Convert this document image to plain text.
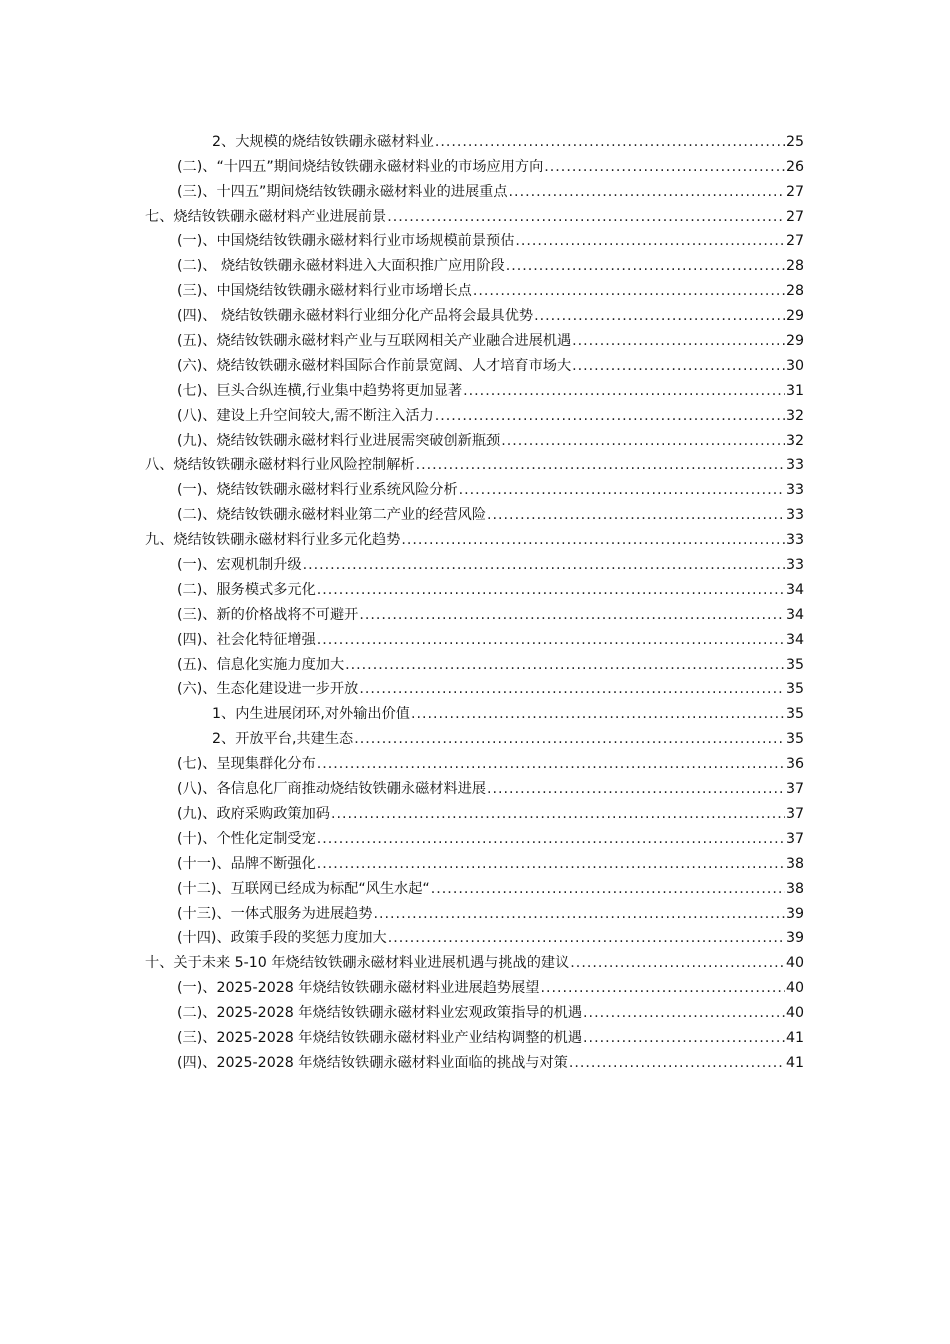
2、大规模的烧结钕铁硼永磁材料业 .....	25
(二)、“十四五”期间烧结钕铁硼永磁材料业的市场应用方向 .....	26
(三)、十四五”期间烧结钕铁硼永磁材料业的进展重点 .....	27
七、烧结钕铁硼永磁材料产业进展前景 .....	27
(一)、中国烧结钕铁硼永磁材料行业市场规模前景预估 .....	27
(二)、 烧结钕铁硼永磁材料进入大面积推广应用阶段 .....	28
(三)、中国烧结钕铁硼永磁材料行业市场增长点 .....	28
(四)、 烧结钕铁硼永磁材料行业细分化产品将会最具优势 .....	29
(五)、烧结钕铁硼永磁材料产业与互联网相关产业融合进展机遇 .....	29
(六)、烧结钕铁硼永磁材料国际合作前景宽阔、人才培育市场大 .....	30
(七)、巨头合纵连横,行业集中趋势将更加显著 .....	31
(八)、建设上升空间较大,需不断注入活力 .....	32
(九)、烧结钕铁硼永磁材料行业进展需突破创新瓶颈 .....	32
八、烧结钕铁硼永磁材料行业风险控制解析 .....	33
(一)、烧结钕铁硼永磁材料行业系统风险分析 .....	33
(二)、烧结钕铁硼永磁材料业第二产业的经营风险 .....	33
九、烧结钕铁硼永磁材料行业多元化趋势 .....	33
(一)、宏观机制升级 .....	33
(二)、服务模式多元化 .....	34
(三)、新的价格战将不可避开 .....	34
(四)、社会化特征增强 .....	34
(五)、信息化实施力度加大 .....	35
(六)、生态化建设进一步开放 .....	35
1、内生进展闭环,对外输出价值 .....	35
2、开放平台,共建生态 .....	35
(七)、呈现集群化分布 .....	36
(八)、各信息化厂商推动烧结钕铁硼永磁材料进展 .....	37
(九)、政府采购政策加码 .....	37
(十)、个性化定制受宠 .....	37
(十一)、品牌不断强化 .....	38
(十二)、互联网已经成为标配“风生水起“ .....	38
(十三)、一体式服务为进展趋势 .....	39
(十四)、政策手段的奖惩力度加大 .....	39
十、关于未来 5-10 年烧结钕铁硼永磁材料业进展机遇与挑战的建议 .....	40
(一)、2025-2028 年烧结钕铁硼永磁材料业进展趋势展望 .....	40
(二)、2025-2028 年烧结钕铁硼永磁材料业宏观政策指导的机遇 .....	40
(三)、2025-2028 年烧结钕铁硼永磁材料业产业结构调整的机遇 .....	41
(四)、2025-2028 年烧结钕铁硼永磁材料业面临的挑战与对策 .....	41
